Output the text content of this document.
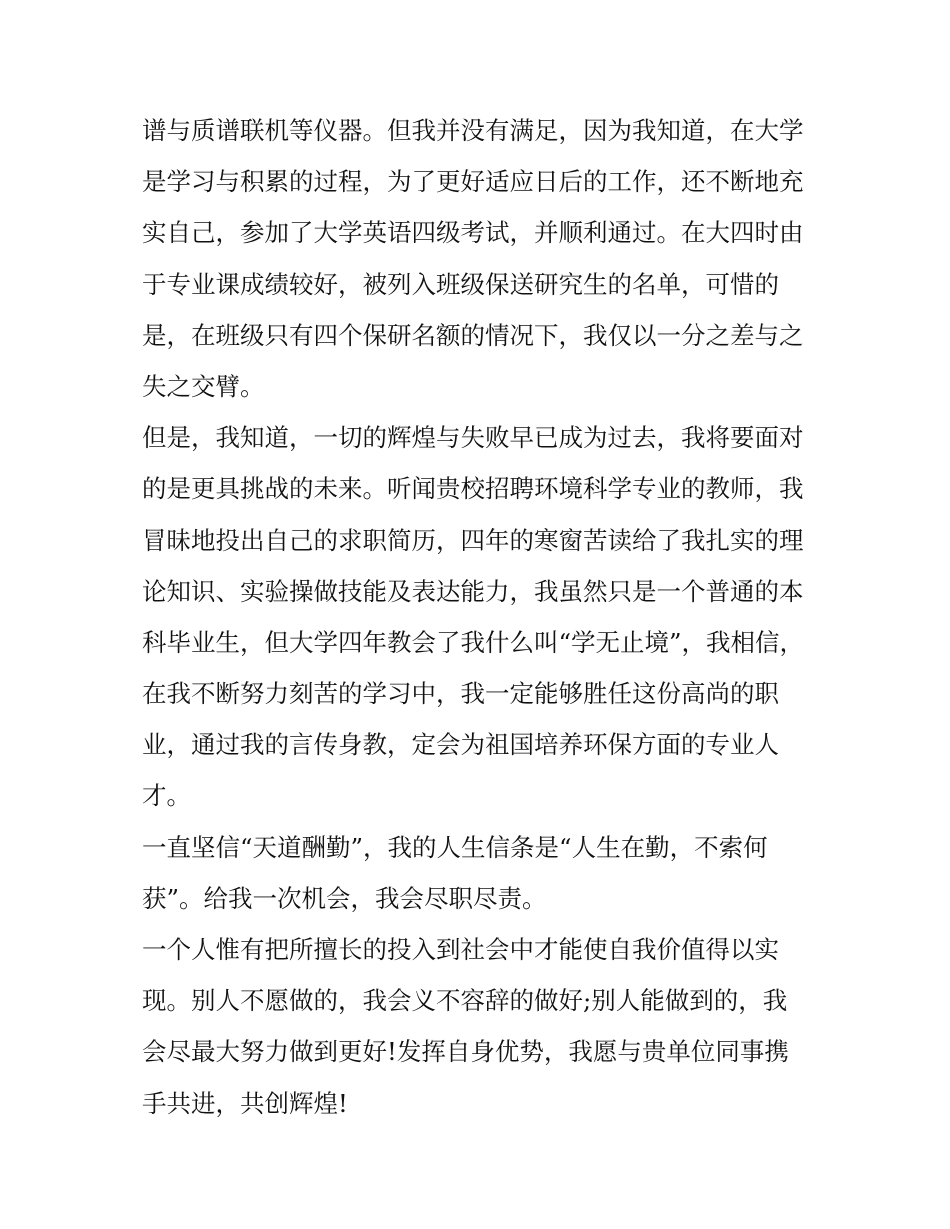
谱与质谱联机等仪器。但我并没有满足，因为我知道，在大学
是学习与积累的过程，为了更好适应日后的工作，还不断地充
实自己，参加了大学英语四级考试，并顺利通过。在大四时由
于专业课成绩较好，被列入班级保送研究生的名单，可惜的
是，在班级只有四个保研名额的情况下，我仅以一分之差与之
失之交臂。
但是，我知道，一切的辉煌与失败早已成为过去，我将要面对
的是更具挑战的未来。听闻贵校招聘环境科学专业的教师，我
冒昧地投出自己的求职简历，四年的寒窗苦读给了我扎实的理
论知识、实验操做技能及表达能力，我虽然只是一个普通的本
科毕业生，但大学四年教会了我什么叫“学无止境”，我相信，
在我不断努力刻苦的学习中，我一定能够胜任这份高尚的职
业，通过我的言传身教，定会为祖国培养环保方面的专业人
才。
一直坚信“天道酬勤”，我的人生信条是“人生在勤，不索何
获”。给我一次机会，我会尽职尽责。
一个人惟有把所擅长的投入到社会中才能使自我价值得以实
现。别人不愿做的，我会义不容辞的做好;别人能做到的，我
会尽最大努力做到更好!发挥自身优势，我愿与贵单位同事携
手共进，共创辉煌!
